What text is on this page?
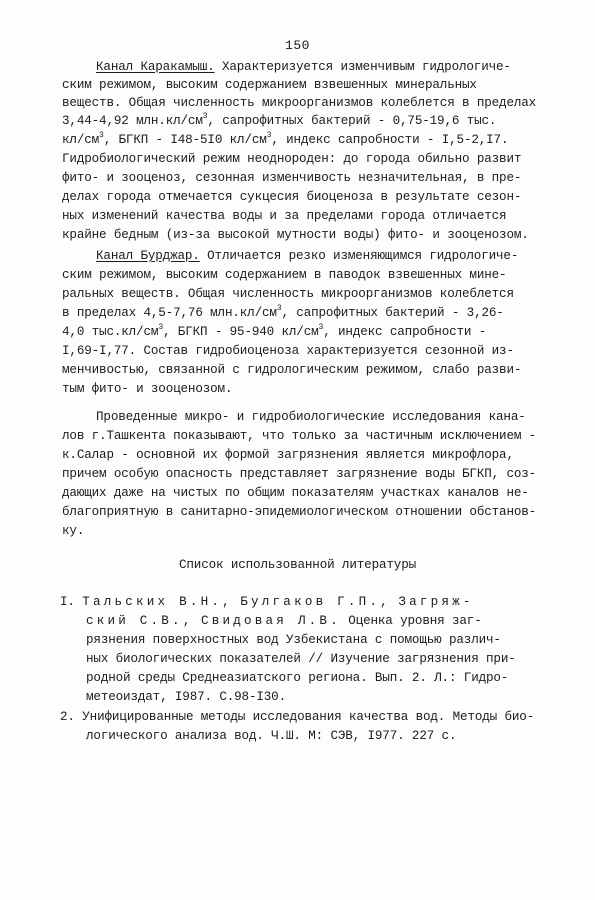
150
Канал Каракамыш. Характеризуется изменчивым гидрологиче-
ским режимом, высоким содержанием взвешенных минеральных
веществ. Общая численность микроорганизмов колеблется в пределах
3,44-4,92 $млн.кл/см^3$, сапрофитных бактерий - 0,75-19,6 тыс.
$кл/см^3$, БГКП - I48-5I0 $кл/см^3$, индекс сапробности - I,5-2,I7.
Гидробиологический режим неоднороден: до города обильно развит
фито- и зооценоз, сезонная изменчивость незначительная, в пре-
делах города отмечается сукцесия биоценоза в результате сезон-
ных изменений качества воды и за пределами города отличается
крайне бедным (из-за высокой мутности воды) фито- и зооценозом.
Канал Бурджар. Отличается резко изменяющимся гидрологиче-
ским режимом, высоким содержанием в паводок взвешенных мине-
ральных веществ. Общая численность микроорганизмов колеблется
в пределах 4,5-7,76 $млн.кл/см^3$, сапрофитных бактерий - 3,26-
4,0 $тыс.кл/см^3$, БГКП - 95-940 $кл/см^3$, индекс сапробности -
I,69-I,77. Состав гидробиоценоза характеризуется сезонной из-
менчивостью, связанной с гидрологическим режимом, слабо разви-
тым фито- и зооценозом.
Проведенные микро- и гидробиологические исследования кана-
лов г.Ташкента показывают, что только за частичным исключением -
к.Салар - основной их формой загрязнения является микрофлора,
причем особую опасность представляет загрязнение воды БГКП, соз-
дающих даже на чистых по общим показателям участках каналов не-
благоприятную в санитарно-эпидемиологическом отношении обстанов-
ку.
Список использованной литературы
I. Тальских В.Н., Булгаков Г.П., Загряж-
ский С.В., Свидовая Л.В. Оценка уровня заг-
рязнения поверхностных вод Узбекистана с помощью различ-
ных биологических показателей // Изучение загрязнения при-
родной среды Среднеазиатского региона. Вып. 2. Л.: Гидро-
метеоиздат, I987. С.98-I30.
2. Унифицированные методы исследования качества вод. Методы био-
логического анализа вод. Ч.Ш. М: СЭВ, I977. 227 с.
